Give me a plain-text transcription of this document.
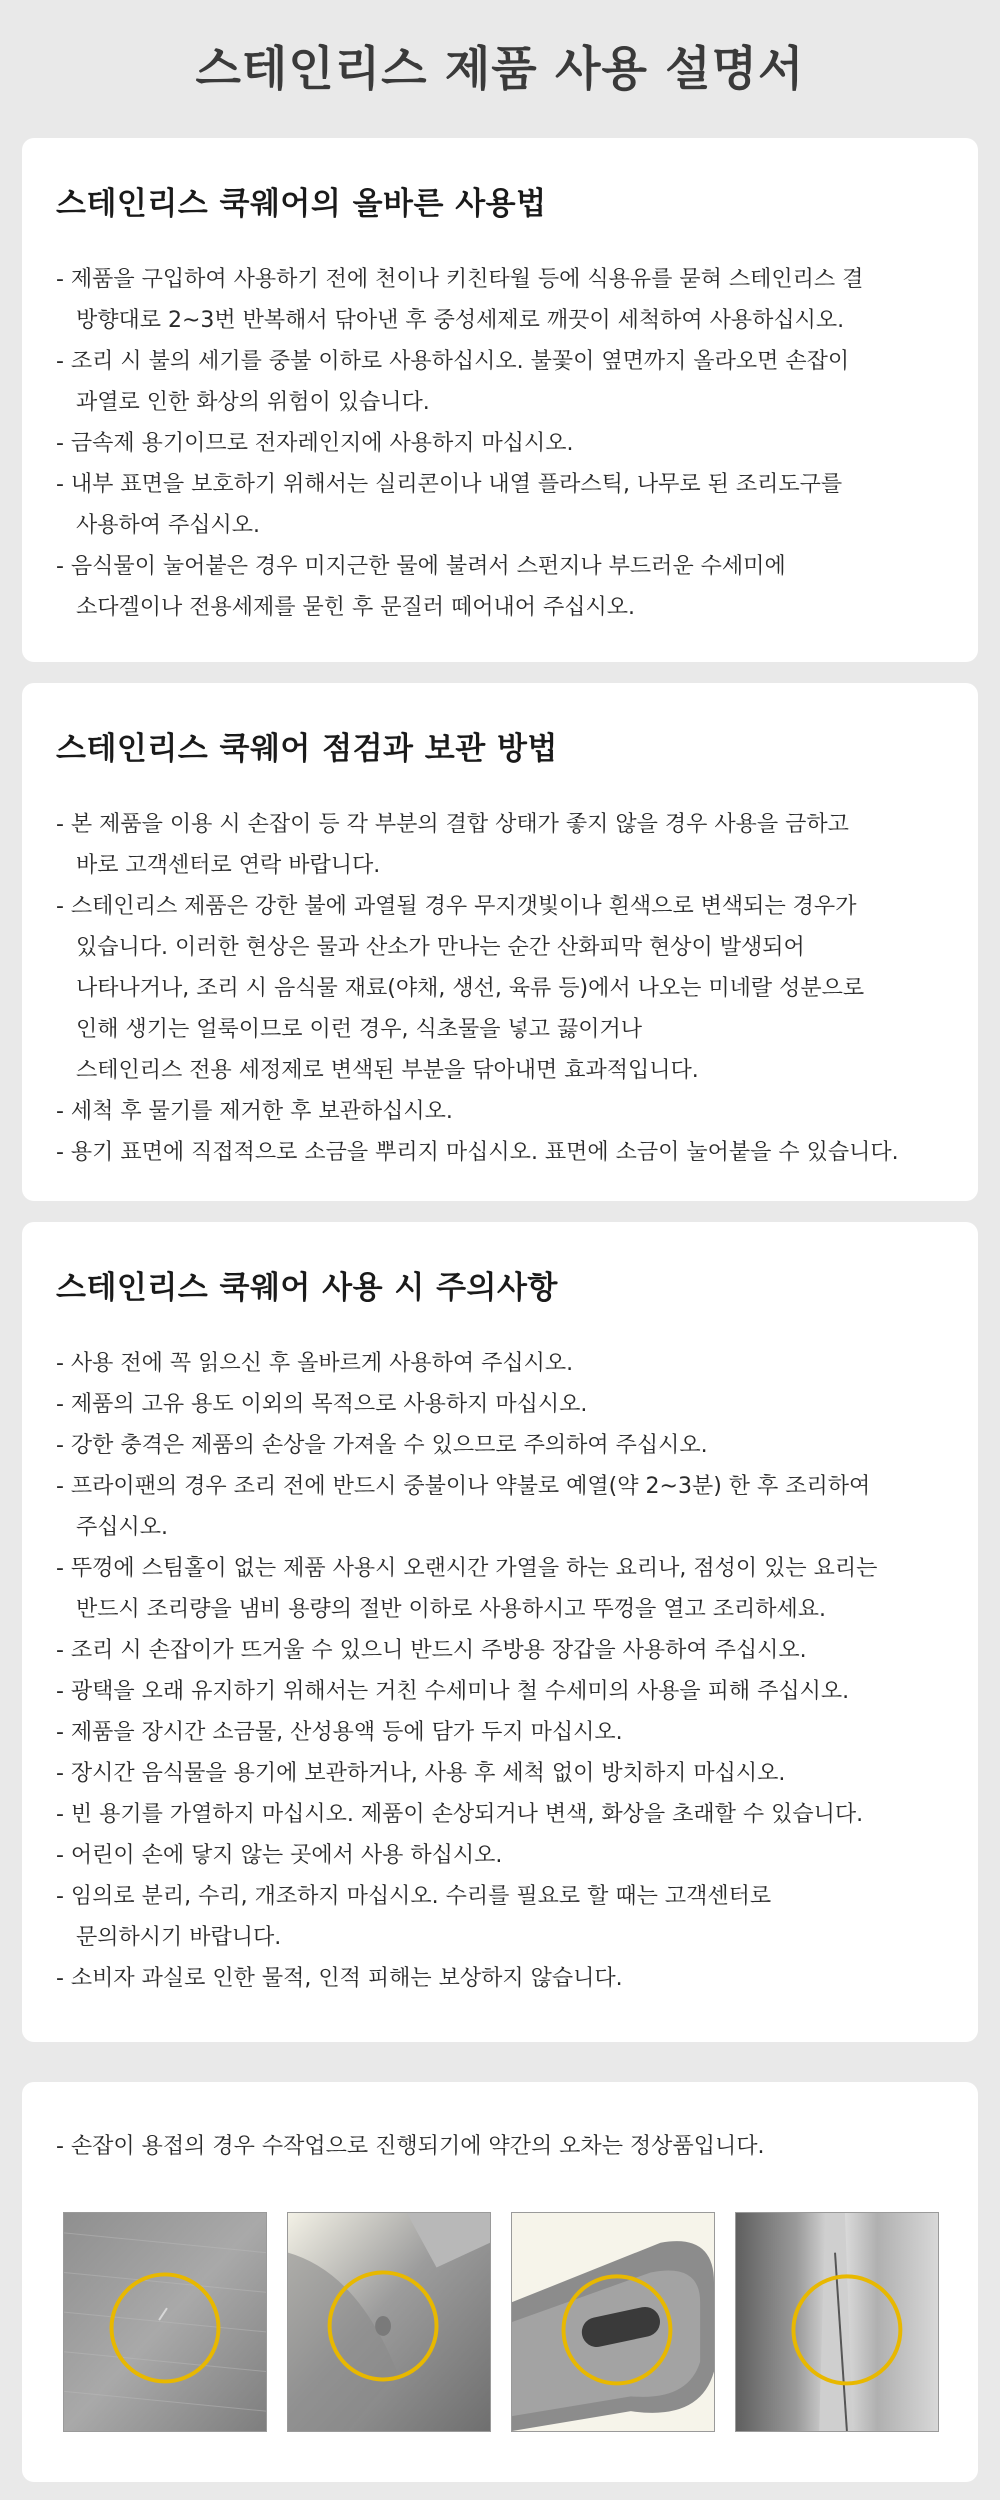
스테인리스 제품 사용 설명서
스테인리스 쿡웨어의 올바른 사용법
- 제품을 구입하여 사용하기 전에 천이나 키친타월 등에 식용유를 묻혀 스테인리스 결
방향대로 2~3번 반복해서 닦아낸 후 중성세제로 깨끗이 세척하여 사용하십시오.
- 조리 시 불의 세기를 중불 이하로 사용하십시오. 불꽃이 옆면까지 올라오면 손잡이
과열로 인한 화상의 위험이 있습니다.
- 금속제 용기이므로 전자레인지에 사용하지 마십시오.
- 내부 표면을 보호하기 위해서는 실리콘이나 내열 플라스틱, 나무로 된 조리도구를
사용하여 주십시오.
- 음식물이 눌어붙은 경우 미지근한 물에 불려서 스펀지나 부드러운 수세미에
소다겔이나 전용세제를 묻힌 후 문질러 떼어내어 주십시오.
스테인리스 쿡웨어 점검과 보관 방법
- 본 제품을 이용 시 손잡이 등 각 부분의 결합 상태가 좋지 않을 경우 사용을 금하고
바로 고객센터로 연락 바랍니다.
- 스테인리스 제품은 강한 불에 과열될 경우 무지갯빛이나 흰색으로 변색되는 경우가
있습니다. 이러한 현상은 물과 산소가 만나는 순간 산화피막 현상이 발생되어
나타나거나, 조리 시 음식물 재료(야채, 생선, 육류 등)에서 나오는 미네랄 성분으로
인해 생기는 얼룩이므로 이런 경우, 식초물을 넣고 끓이거나
스테인리스 전용 세정제로 변색된 부분을 닦아내면 효과적입니다.
- 세척 후 물기를 제거한 후 보관하십시오.
- 용기 표면에 직접적으로 소금을 뿌리지 마십시오. 표면에 소금이 눌어붙을 수 있습니다.
스테인리스 쿡웨어 사용 시 주의사항
- 사용 전에 꼭 읽으신 후 올바르게 사용하여 주십시오.
- 제품의 고유 용도 이외의 목적으로 사용하지 마십시오.
- 강한 충격은 제품의 손상을 가져올 수 있으므로 주의하여 주십시오.
- 프라이팬의 경우 조리 전에 반드시 중불이나 약불로 예열(약 2~3분) 한 후 조리하여
주십시오.
- 뚜껑에 스팀홀이 없는 제품 사용시 오랜시간 가열을 하는 요리나, 점성이 있는 요리는
반드시 조리량을 냄비 용량의 절반 이하로 사용하시고 뚜껑을 열고 조리하세요.
- 조리 시 손잡이가 뜨거울 수 있으니 반드시 주방용 장갑을 사용하여 주십시오.
- 광택을 오래 유지하기 위해서는 거친 수세미나 철 수세미의 사용을 피해 주십시오.
- 제품을 장시간 소금물, 산성용액 등에 담가 두지 마십시오.
- 장시간 음식물을 용기에 보관하거나, 사용 후 세척 없이 방치하지 마십시오.
- 빈 용기를 가열하지 마십시오. 제품이 손상되거나 변색, 화상을 초래할 수 있습니다.
- 어린이 손에 닿지 않는 곳에서 사용 하십시오.
- 임의로 분리, 수리, 개조하지 마십시오. 수리를 필요로 할 때는 고객센터로
문의하시기 바랍니다.
- 소비자 과실로 인한 물적, 인적 피해는 보상하지 않습니다.
- 손잡이 용접의 경우 수작업으로 진행되기에 약간의 오차는 정상품입니다.
